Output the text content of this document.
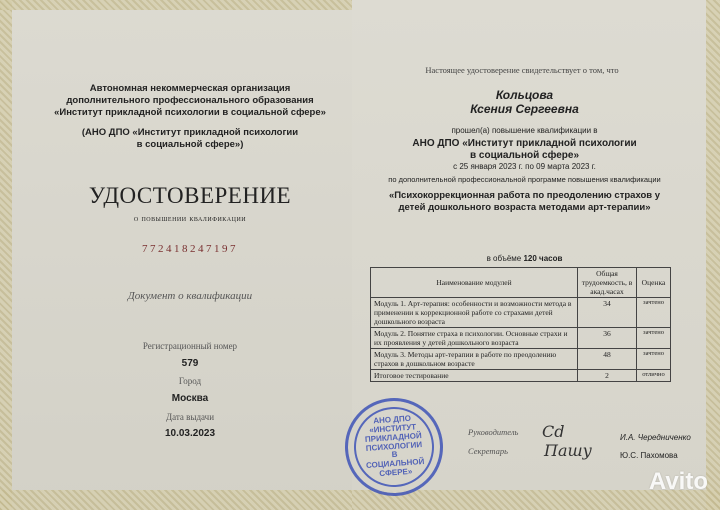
Автономная некоммерческая организация
дополнительного профессионального образования
«Институт прикладной психологии в социальной сфере»
(АНО ДПО «Институт прикладной психологии
в социальной сфере»)
УДОСТОВЕРЕНИЕ
о повышении квалификации
772418247197
Документ о квалификации
Регистрационный номер
579
Город
Москва
Дата выдачи
10.03.2023
Настоящее удостоверение свидетельствует о том, что
Кольцова
Ксения Сергеевна
прошел(а) повышение квалификации в
АНО ДПО «Институт прикладной психологии
в социальной сфере»
с 25 января 2023 г. по 09 марта 2023 г.
по дополнительной профессиональной программе повышения квалификации
«Психокоррекционная работа по преодолению страхов у
детей дошкольного возраста методами арт-терапии»
в объёме 120 часов
Наименование модулей	Общая трудоемкость, в акад.часах	Оценка
Модуль 1. Арт-терапия: особенности и возможности метода в применении к коррекционной работе со страхами детей дошкольного возраста	34	зачтено
Модуль 2. Понятие страха в психологии. Основные страхи и их проявления у детей дошкольного возраста	36	зачтено
Модуль 3. Методы арт-терапии в работе по преодолению страхов в дошкольном возрасте	48	зачтено
Итоговое тестирование	2	отлично
Руководитель
Секретарь
Cd
Пашу
И.А. Чередниченко
Ю.С. Пахомова
АНО ДПО «ИНСТИТУТ ПРИКЛАДНОЙ ПСИХОЛОГИИ В СОЦИАЛЬНОЙ СФЕРЕ»	Avito
